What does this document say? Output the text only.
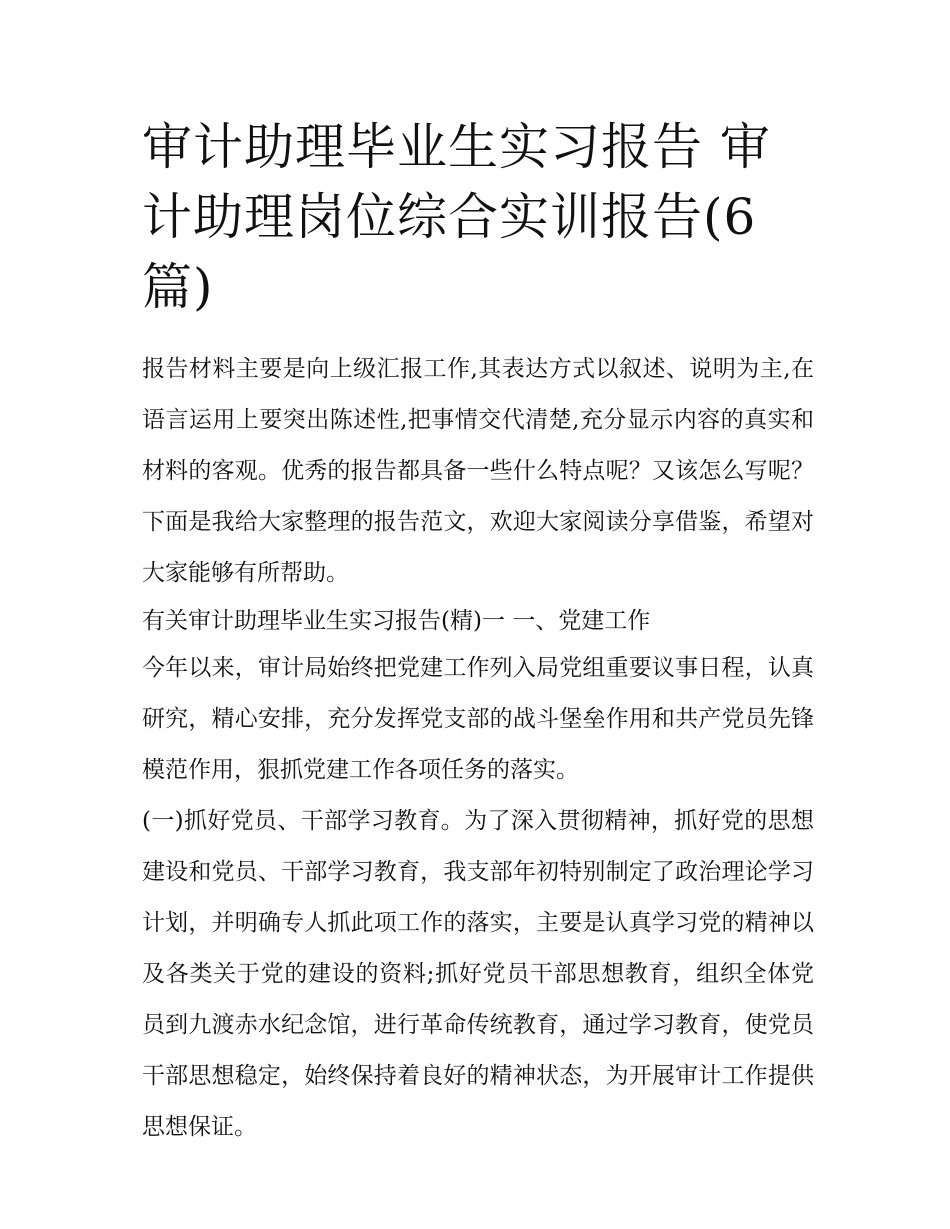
审计助理毕业生实习报告 审计助理岗位综合实训报告(6篇)

报告材料主要是向上级汇报工作,其表达方式以叙述、说明为主,在语言运用上要突出陈述性,把事情交代清楚,充分显示内容的真实和材料的客观。优秀的报告都具备一些什么特点呢？又该怎么写呢？下面是我给大家整理的报告范文，欢迎大家阅读分享借鉴，希望对大家能够有所帮助。

有关审计助理毕业生实习报告(精)一 一、党建工作

今年以来，审计局始终把党建工作列入局党组重要议事日程，认真研究，精心安排，充分发挥党支部的战斗堡垒作用和共产党员先锋模范作用，狠抓党建工作各项任务的落实。

(一)抓好党员、干部学习教育。为了深入贯彻精神，抓好党的思想建设和党员、干部学习教育，我支部年初特别制定了政治理论学习计划，并明确专人抓此项工作的落实，主要是认真学习党的精神以及各类关于党的建设的资料;抓好党员干部思想教育，组织全体党员到九渡赤水纪念馆，进行革命传统教育，通过学习教育，使党员干部思想稳定，始终保持着良好的精神状态，为开展审计工作提供思想保证。
